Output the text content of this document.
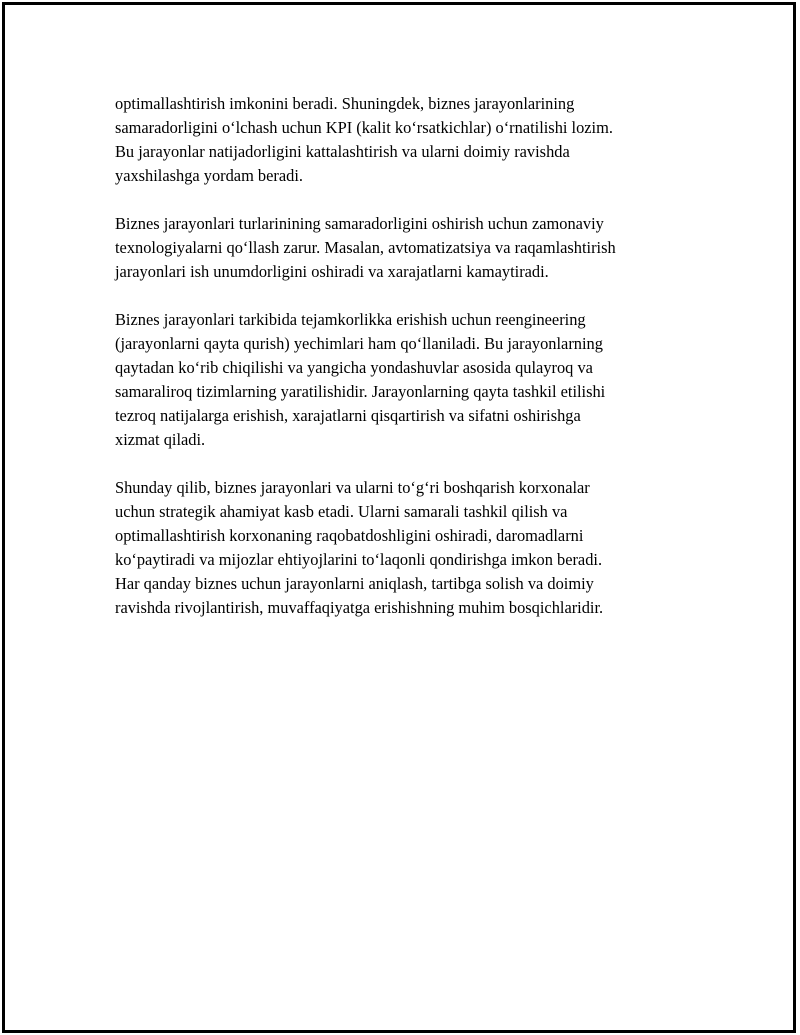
optimallashtirish imkonini beradi. Shuningdek, biznes jarayonlarining
samaradorligini o‘lchash uchun KPI (kalit ko‘rsatkichlar) o‘rnatilishi lozim.
Bu jarayonlar natijadorligini kattalashtirish va ularni doimiy ravishda
yaxshilashga yordam beradi.

Biznes jarayonlari turlarinining samaradorligini oshirish uchun zamonaviy
texnologiyalarni qo‘llash zarur. Masalan, avtomatizatsiya va raqamlashtirish
jarayonlari ish unumdorligini oshiradi va xarajatlarni kamaytiradi.

Biznes jarayonlari tarkibida tejamkorlikka erishish uchun reengineering
(jarayonlarni qayta qurish) yechimlari ham qo‘llaniladi. Bu jarayonlarning
qaytadan ko‘rib chiqilishi va yangicha yondashuvlar asosida qulayroq va
samaraliroq tizimlarning yaratilishidir. Jarayonlarning qayta tashkil etilishi
tezroq natijalarga erishish, xarajatlarni qisqartirish va sifatni oshirishga
xizmat qiladi.

Shunday qilib, biznes jarayonlari va ularni to‘g‘ri boshqarish korxonalar
uchun strategik ahamiyat kasb etadi. Ularni samarali tashkil qilish va
optimallashtirish korxonaning raqobatdoshligini oshiradi, daromadlarni
ko‘paytiradi va mijozlar ehtiyojlarini to‘laqonli qondirishga imkon beradi.
Har qanday biznes uchun jarayonlarni aniqlash, tartibga solish va doimiy
ravishda rivojlantirish, muvaffaqiyatga erishishning muhim bosqichlaridir.
